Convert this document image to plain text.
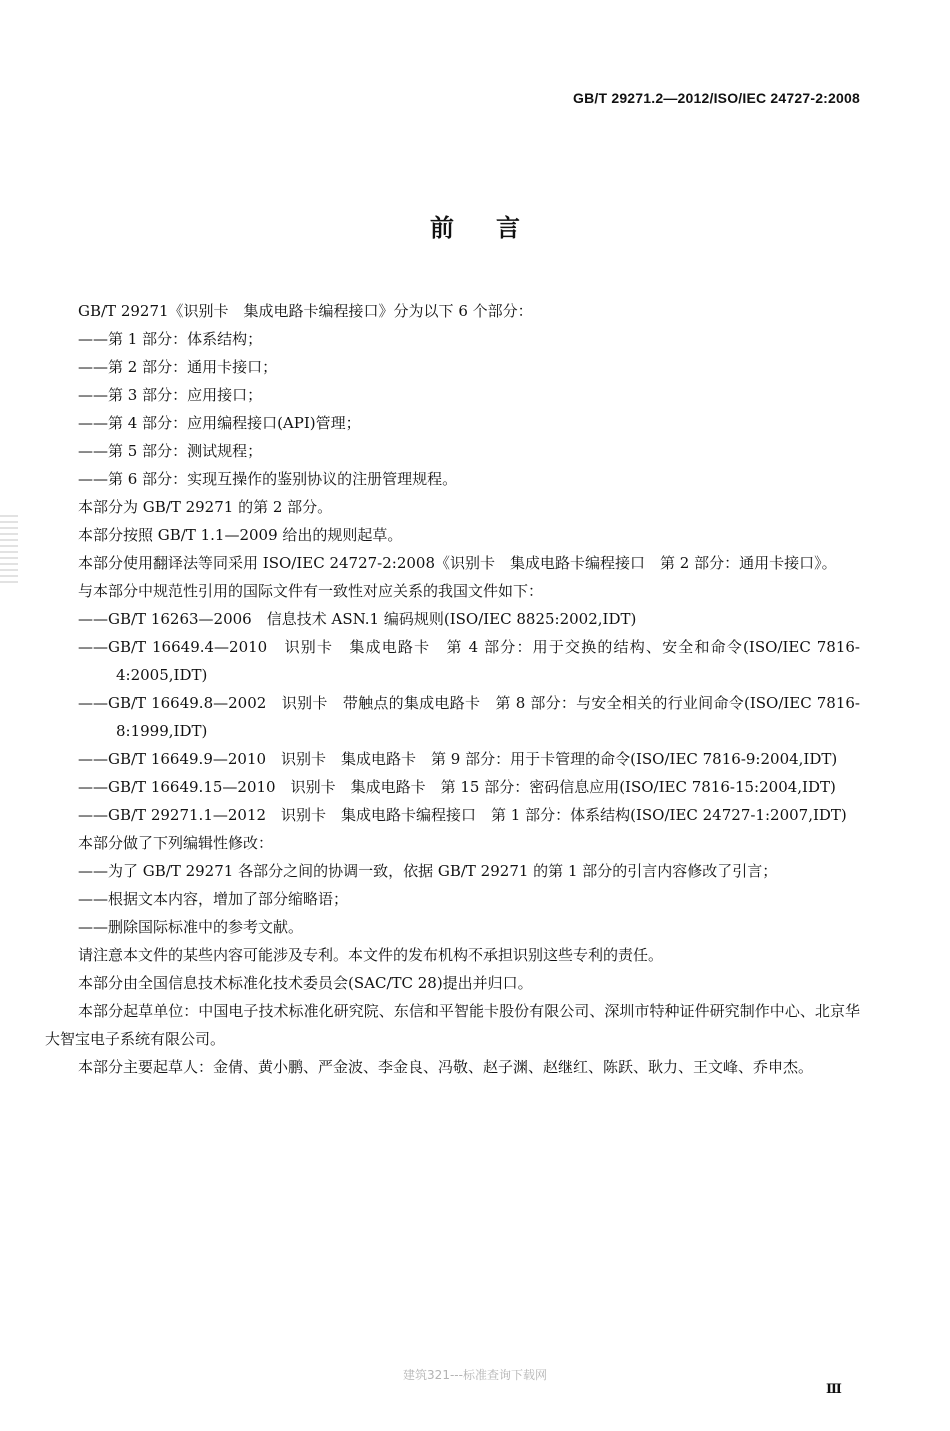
GB/T 29271.2—2012/ISO/IEC 24727-2:2008
前言

GB/T 29271《识别卡　集成电路卡编程接口》分为以下 6 个部分：

——第 1 部分：体系结构；

——第 2 部分：通用卡接口；

——第 3 部分：应用接口；

——第 4 部分：应用编程接口(API)管理；

——第 5 部分：测试规程；

——第 6 部分：实现互操作的鉴别协议的注册管理规程。

本部分为 GB/T 29271 的第 2 部分。

本部分按照 GB/T 1.1—2009 给出的规则起草。

本部分使用翻译法等同采用 ISO/IEC 24727-2:2008《识别卡　集成电路卡编程接口　第 2 部分：通用卡接口》。

与本部分中规范性引用的国际文件有一致性对应关系的我国文件如下：

——GB/T 16263—2006　信息技术 ASN.1 编码规则(ISO/IEC 8825:2002,IDT)

——GB/T 16649.4—2010　识别卡　集成电路卡　第 4 部分：用于交换的结构、安全和命令(ISO/IEC 7816-4:2005,IDT)

——GB/T 16649.8—2002　识别卡　带触点的集成电路卡　第 8 部分：与安全相关的行业间命令(ISO/IEC 7816-8:1999,IDT)

——GB/T 16649.9—2010　识别卡　集成电路卡　第 9 部分：用于卡管理的命令(ISO/IEC 7816-9:2004,IDT)

——GB/T 16649.15—2010　识别卡　集成电路卡　第 15 部分：密码信息应用(ISO/IEC 7816-15:2004,IDT)

——GB/T 29271.1—2012　识别卡　集成电路卡编程接口　第 1 部分：体系结构(ISO/IEC 24727-1:2007,IDT)

本部分做了下列编辑性修改：

——为了 GB/T 29271 各部分之间的协调一致，依据 GB/T 29271 的第 1 部分的引言内容修改了引言；

——根据文本内容，增加了部分缩略语；

——删除国际标准中的参考文献。

请注意本文件的某些内容可能涉及专利。本文件的发布机构不承担识别这些专利的责任。

本部分由全国信息技术标准化技术委员会(SAC/TC 28)提出并归口。

本部分起草单位：中国电子技术标准化研究院、东信和平智能卡股份有限公司、深圳市特种证件研究制作中心、北京华大智宝电子系统有限公司。

本部分主要起草人：金倩、黄小鹏、严金波、李金良、冯敬、赵子渊、赵继红、陈跃、耿力、王文峰、乔申杰。

建筑321---标准查询下载网
Ⅲ
